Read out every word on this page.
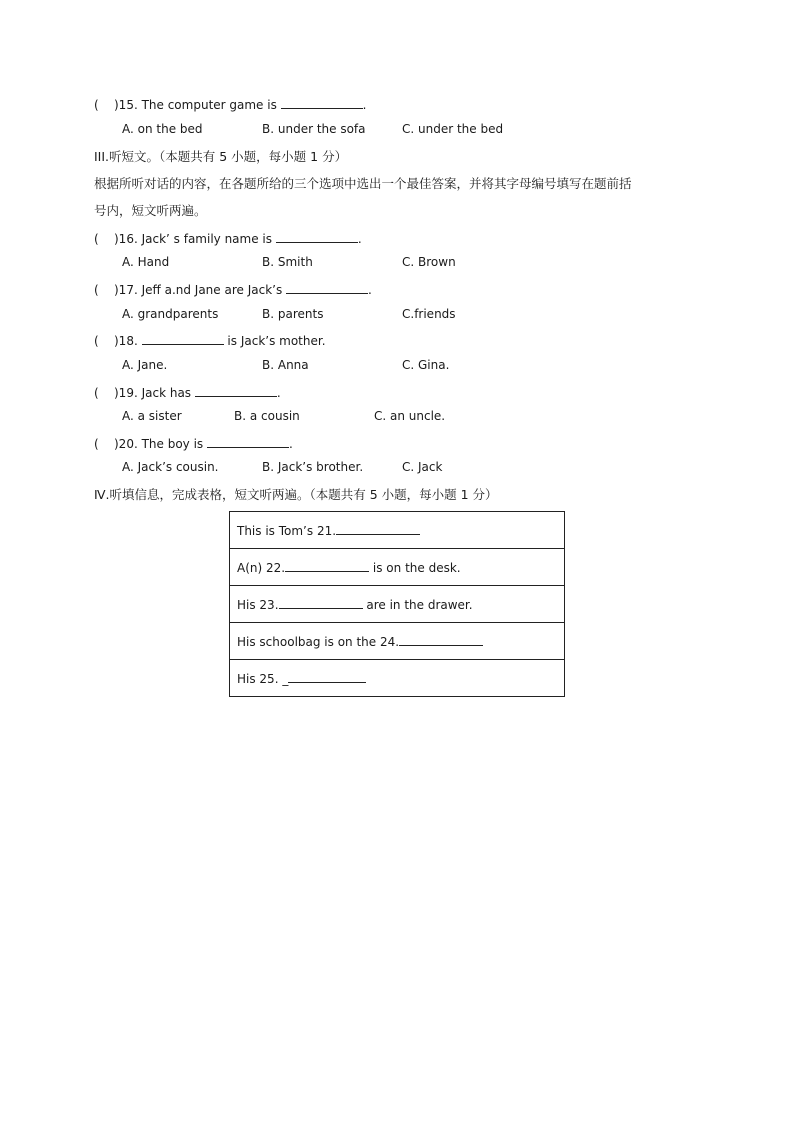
( )15. The computer game is	.
A. on the bed	B. under the sofa	C. under the bed
III.听短文。（本题共有 5 小题，每小题 1 分）
根据所听对话的内容，在各题所给的三个选项中选出一个最佳答案，并将其字母编号填写在题前括
号内，短文听两遍。
( )16. Jack’ s family name is	.
A. Hand	B. Smith	C. Brown
( )17. Jeff a.nd Jane are Jack’s	.
A. grandparents	B. parents	C.friends
( )18.	is Jack’s mother.
A. Jane.	B. Anna	C. Gina.
( )19. Jack has	.
A. a sister	B. a cousin	C. an uncle.
( )20. The boy is	.
A. Jack’s cousin.	B. Jack’s brother.	C. Jack
Ⅳ.听填信息，完成表格，短文听两遍。（本题共有 5 小题，每小题 1 分）
This is Tom’s 21.
A(n) 22.	is on the desk.
His 23.	are in the drawer.
His schoolbag is on the 24.
His 25. _
